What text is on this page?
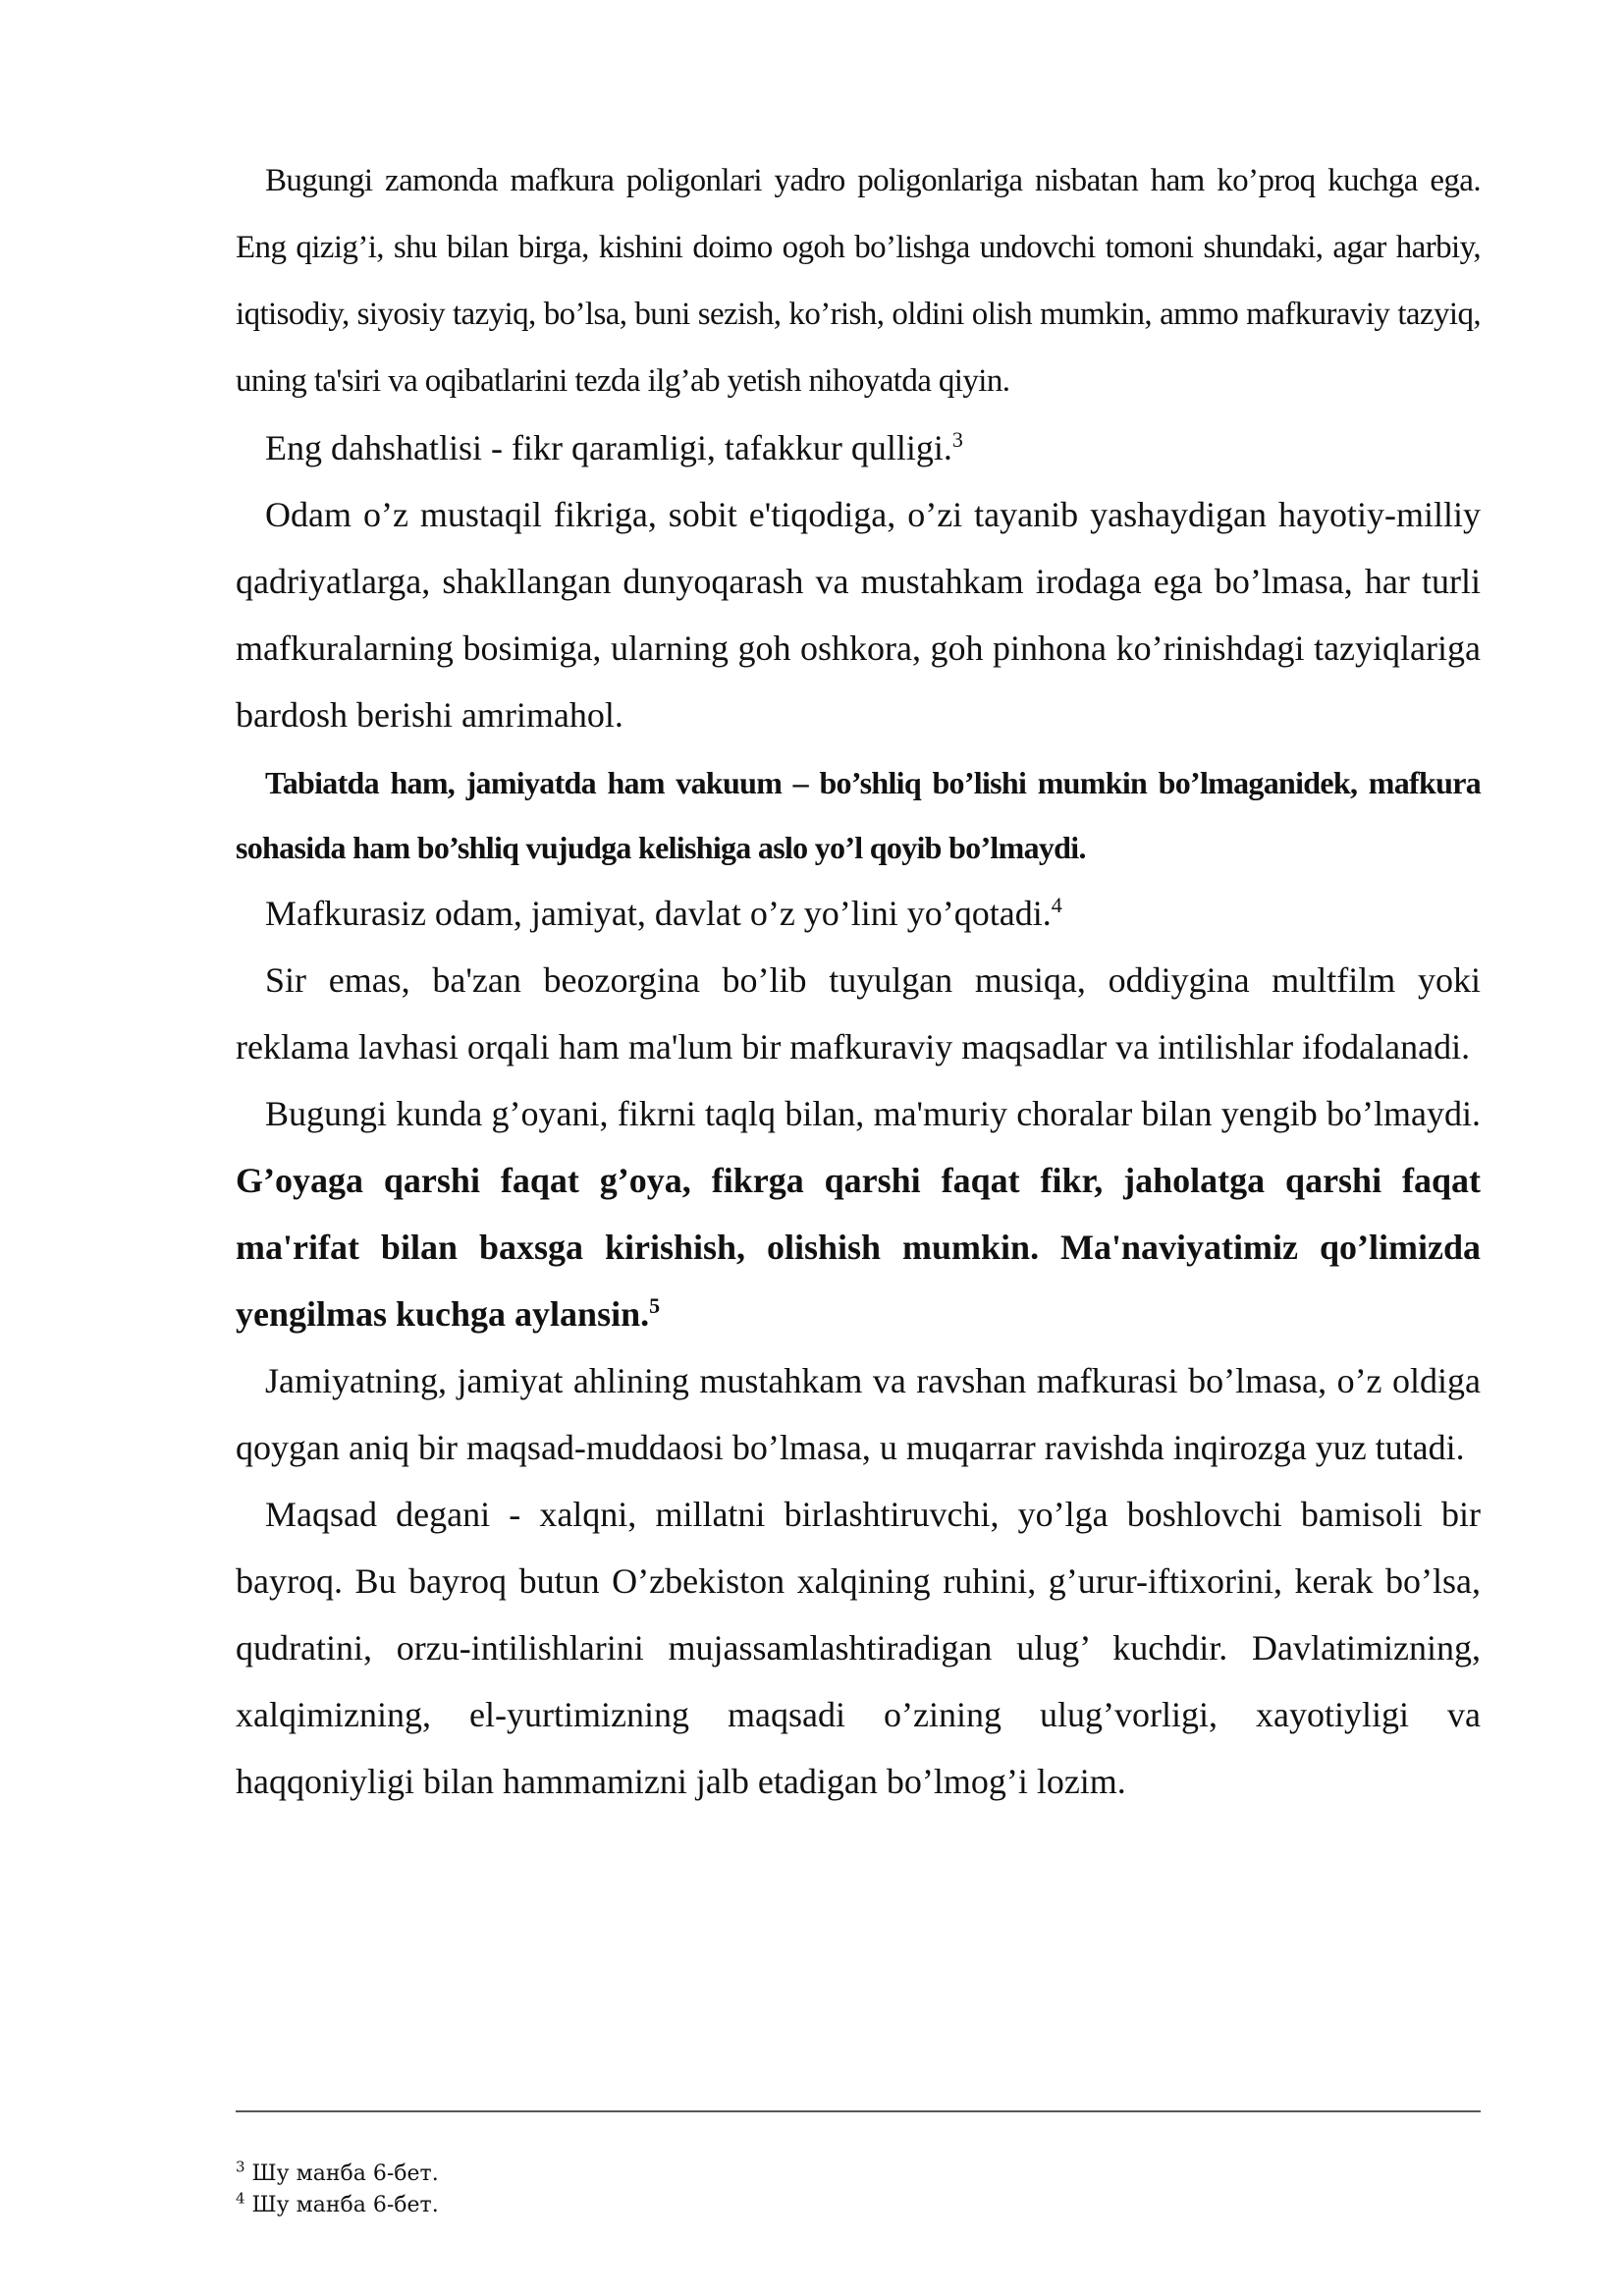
Bugungi zamonda mafkura poligonlari yadro poligonlariga nisbatan ham ko’proq kuchga ega. Eng qizig’i, shu bilan birga, kishini doimo ogoh bo’lishga undovchi tomoni shundaki, agar harbiy, iqtisodiy, siyosiy tazyiq, bo’lsa, buni sezish, ko’rish, oldini olish mumkin, ammo mafkuraviy tazyiq, uning ta'siri va oqibatlarini tezda ilg’ab yetish nihoyatda qiyin.

Eng dahshatlisi - fikr qaramligi, tafakkur qulligi.$^3$

Odam o’z mustaqil fikriga, sobit e'tiqodiga, o’zi tayanib yashaydigan hayotiy-milliy qadriyatlarga, shakllangan dunyoqarash va mustahkam irodaga ega bo’lmasa, har turli mafkuralarning bosimiga, ularning goh oshkora, goh pinhona ko’rinishdagi tazyiqlariga bardosh berishi amrimahol.

Tabiatda ham, jamiyatda ham vakuum – bo’shliq bo’lishi mumkin bo’lmaganidek, mafkura sohasida ham bo’shliq vujudga kelishiga aslo yo’l qoyib bo’lmaydi.

Mafkurasiz odam, jamiyat, davlat o’z yo’lini yo’qotadi.$^4$

Sir emas, ba'zan beozorgina bo’lib tuyulgan musiqa, oddiygina multfilm yoki reklama lavhasi orqali ham ma'lum bir mafkuraviy maqsadlar va intilishlar ifodalanadi.

Bugungi kunda g’oyani, fikrni taqlq bilan, ma'muriy choralar bilan yengib bo’lmaydi. G’oyaga qarshi faqat g’oya, fikrga qarshi faqat fikr, jaholatga qarshi faqat ma'rifat bilan baxsga kirishish, olishish mumkin. Ma'naviyatimiz qo’limizda yengilmas kuchga aylansin.$^5$

Jamiyatning, jamiyat ahlining mustahkam va ravshan mafkurasi bo’lmasa, o’z oldiga qoygan aniq bir maqsad-muddaosi bo’lmasa, u muqarrar ravishda inqirozga yuz tutadi.

Maqsad degani - xalqni, millatni birlashtiruvchi, yo’lga boshlovchi bamisoli bir bayroq. Bu bayroq butun O’zbekiston xalqining ruhini, g’urur-iftixorini, kerak bo’lsa, qudratini, orzu-intilishlarini mujassamlashtiradigan ulug’ kuchdir. Davlatimizning, xalqimizning, el-yurtimizning maqsadi o’zining ulug’vorligi, xayotiyligi va haqqoniyligi bilan hammamizni jalb etadigan bo’lmog’i lozim.

$^3$ Шу манба 6-бет.

$^4$ Шу манба 6-бет.
